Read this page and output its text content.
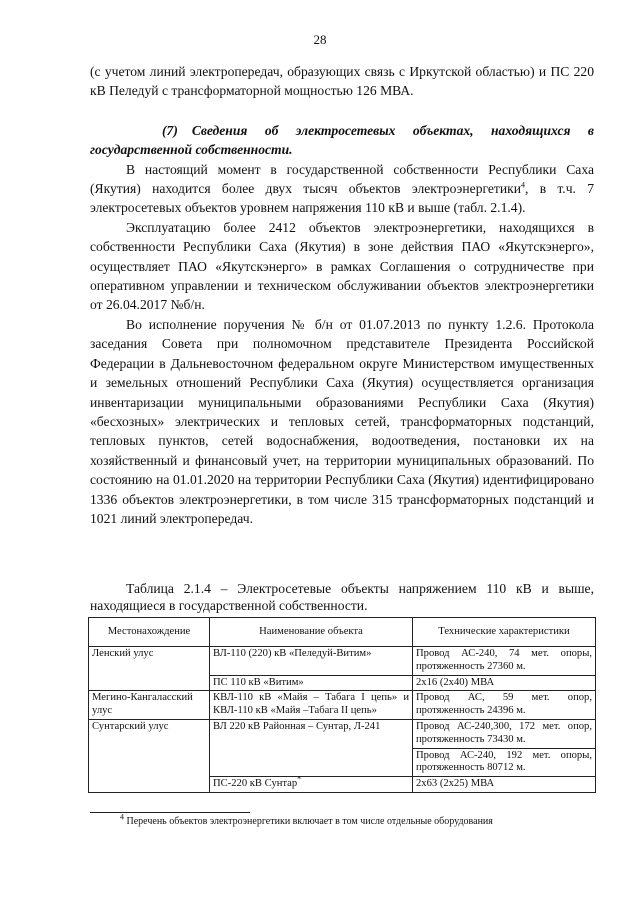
28

(с учетом линий электропередач, образующих связь с Иркутской областью) и ПС 220 кВ Пеледуй с трансформаторной мощностью 126 МВА.

(7) Сведения об электросетевых объектах, находящихся в государственной собственности.

В настоящий момент в государственной собственности Республики Саха (Якутия) находится более двух тысяч объектов электроэнергетики$^4$, в т.ч. 7 электросетевых объектов уровнем напряжения 110 кВ и выше (табл. 2.1.4).

Эксплуатацию более 2412 объектов электроэнергетики, находящихся в собственности Республики Саха (Якутия) в зоне действия ПАО «Якутскэнерго», осуществляет ПАО «Якутскэнерго» в рамках Соглашения о сотрудничестве при оперативном управлении и техническом обслуживании объектов электроэнергетики от 26.04.2017 №б/н.

Во исполнение поручения № б/н от 01.07.2013 по пункту 1.2.6. Протокола заседания Совета при полномочном представителе Президента Российской Федерации в Дальневосточном федеральном округе Министерством имущественных и земельных отношений Республики Саха (Якутия) осуществляется организация инвентаризации муниципальными образованиями Республики Саха (Якутия) «бесхозных» электрических и тепловых сетей, трансформаторных подстанций, тепловых пунктов, сетей водоснабжения, водоотведения, постановки их на хозяйственный и финансовый учет, на территории муниципальных образований. По состоянию на 01.01.2020 на территории Республики Саха (Якутия) идентифицировано 1336 объектов электроэнергетики, в том числе 315 трансформаторных подстанций и 1021 линий электропередач.

Таблица 2.1.4 – Электросетевые объекты напряжением 110 кВ и выше, находящиеся в государственной собственности.

Местонахождение	Наименование объекта	Технические характеристики
Ленский улус	ВЛ-110 (220) кВ «Пеледуй-Витим»	Провод АС-240, 74 мет. опоры, протяженность 27360 м.
	ПС 110 кВ «Витим»	2х16 (2х40) МВА
Мегино-Кангаласский улус	КВЛ-110 кВ «Майя – Табага I цепь» и КВЛ-110 кВ «Майя –Табага II цепь»	Провод АС, 59 мет. опор, протяженность 24396 м.
Сунтарский улус	ВЛ 220 кВ Районная – Сунтар, Л-241	Провод АС-240,300, 172 мет. опор, протяженность 73430 м.
		Провод АС-240, 192 мет. опоры, протяженность 80712 м.
	ПС-220 кВ Сунтар*	2х63 (2х25) МВА
$^4$ Перечень объектов электроэнергетики включает в том числе отдельные оборудования
